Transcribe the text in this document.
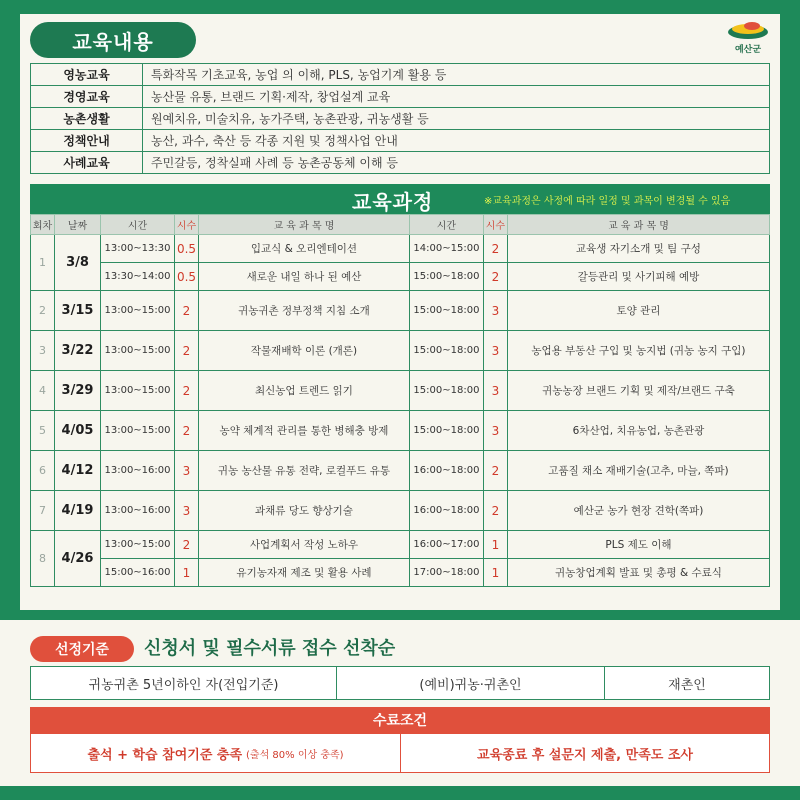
교육내용	예산군
영농교육	특화작목 기초교육, 농업 의 이해, PLS, 농업기계 활용 등
경영교육	농산물 유통, 브랜드 기획·제작, 창업설계 교육
농촌생활	원예치유, 미술치유, 농가주택, 농촌관광, 귀농생활 등
정책안내	농산, 과수, 축산 등 각종 지원 및 정책사업 안내
사례교육	주민갈등, 정착실패 사례 등 농촌공동체 이해 등
교육과정	※교육과정은 사정에 따라 일정 및 과목이 변경될 수 있음
회차	날짜	시간	시수	교 육 과 목 명	시간	시수	교 육 과 목 명
1	3/8	13:00~13:30	0.5	입교식 & 오리엔테이션	14:00~15:00	2	교육생 자기소개 및 팀 구성
		13:30~14:00	0.5	새로운 내일 하나 된 예산	15:00~18:00	2	갈등관리 및 사기피해 예방
2	3/15	13:00~15:00	2	귀농귀촌 정부정책 지침 소개	15:00~18:00	3	토양 관리
3	3/22	13:00~15:00	2	작물재배학 이론 (개론)	15:00~18:00	3	농업용 부동산 구입 및 농지법 (귀농 농지 구입)
4	3/29	13:00~15:00	2	최신농업 트렌드 읽기	15:00~18:00	3	귀농농장 브랜드 기획 및 제작/브랜드 구축
5	4/05	13:00~15:00	2	농약 체계적 관리를 통한 병해충 방제	15:00~18:00	3	6차산업, 치유농업, 농촌관광
6	4/12	13:00~16:00	3	귀농 농산물 유통 전략, 로컬푸드 유통	16:00~18:00	2	고품질 채소 재배기술(고추, 마늘, 쪽파)
7	4/19	13:00~16:00	3	과채류 당도 향상기술	16:00~18:00	2	예산군 농가 현장 견학(쪽파)
8	4/26	13:00~15:00	2	사업계획서 작성 노하우	16:00~17:00	1	PLS 제도 이해
		15:00~16:00	1	유기농자재 제조 및 활용 사례	17:00~18:00	1	귀농창업계획 발표 및 총평 & 수료식
선정기준	신청서 및 필수서류 접수 선착순
귀농귀촌 5년이하인 자(전입기준)	(예비)귀농·귀촌인	재촌인
수료조건
출석 + 학습 참여기준 충족 (출석 80% 이상 충족)	교육종료 후 설문지 제출, 만족도 조사
